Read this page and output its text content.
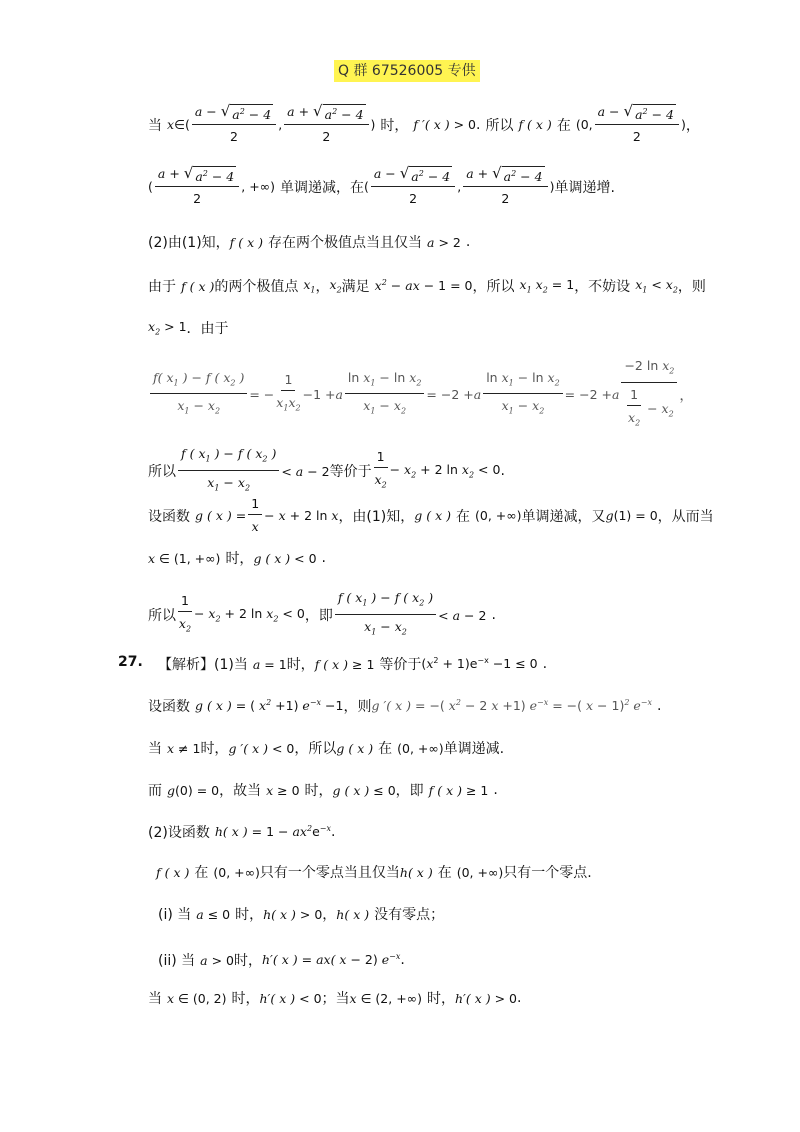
Q 群 67526005 专供
当 x ∈( $\frac{a - √ a^2 - 4}{2}$ , $\frac{a + √ a^2 - 4}{2}$ ) 时， f ′( x ) > 0 . 所以 f ( x ) 在 (0, $\frac{a - √ a^2 - 4}{2}$ ) ，
( $\frac{a + √ a^2 - 4}{2}$ , +∞) 单调递减，在 ( $\frac{a - √ a^2 - 4}{2}$ , $\frac{a + √ a^2 - 4}{2}$ ) 单调递增.
(2)由(1)知， f ( x ) 存在两个极值点当且仅当 a > 2 .
由于 f ( x ) 的两个极值点 $x_1$ ， $x_2$ 满足 $x^2$ − ax − 1 = 0 ，所以 $x_1$ $x_2 = 1$ ，不妨设 $x_1 < x_2$ ，则
$x_2 > 1$ ．由于
$\frac{f( x_1 ) - f ( x_2 )}{x_1 - x_2}$ = − $\frac{1}{x_1x_2} -1 + a \frac{\ln x_1 - \ln x_2}{x_1 - x_2} = -2 + a \frac{\ln x_1 - \ln x_2}{x_1 - x_2} = -2 + a \frac{-2 \ln x_2}{\frac{1}{x_2} - x_2}$ ，
所以 $\frac{f ( x_1 ) - f ( x_2 )}{x_1 - x_2} < a - 2$ 等价于 $\frac{1}{x_2} - x_2 + 2$ $\ln x_2 < 0$ .
设函数 g ( x ) = $\frac{1}{x} - x + 2$ ln x ，由(1)知， g ( x ) 在 (0, +∞) 单调递减，又 g(1) = 0 ，从而当
x ∈ (1, +∞) 时， g ( x ) < 0 .
所以 $\frac{1}{x_2} - x_2 + 2$ $\ln x_2 < 0$ ，即 $\frac{f ( x_1 ) - f ( x_2 )}{x_1 - x_2} < a - 2$ .
27. 【解析】(1)当 a = 1 时， f ( x ) ≥ 1 等价于 $(x^2 + 1)e^{-x} -1 \le 0$ .
设函数 g ( x ) = ( $x^2 +1$) $e^{-x} -1$ ，则 g ′( x ) = −( $x^2 - 2$ x +1) $e^{-x}$ = −( x − 1)$^2$ $e^{-x}$ .
当 x ≠ 1 时， g ′( x ) < 0 ，所以 g ( x ) 在 (0, +∞) 单调递减.
而 g(0) = 0 ，故当 x ≥ 0 时， g ( x ) ≤ 0 ，即 f ( x ) ≥ 1 .
(2)设函数 h( x ) = $1 - ax^2e^{-x}$ .
f ( x ) 在 (0, +∞) 只有一个零点当且仅当 h( x ) 在 (0, +∞) 只有一个零点.
(i) 当 a ≤ 0 时， h( x ) > 0 ， h( x ) 没有零点；
(ii) 当 a > 0 时， h′( x ) = ax( x − 2) $e^{-x}$ .
当 x ∈ (0, 2) 时， h′( x ) < 0 ；当 x ∈ (2, +∞) 时， h′( x ) > 0 .
